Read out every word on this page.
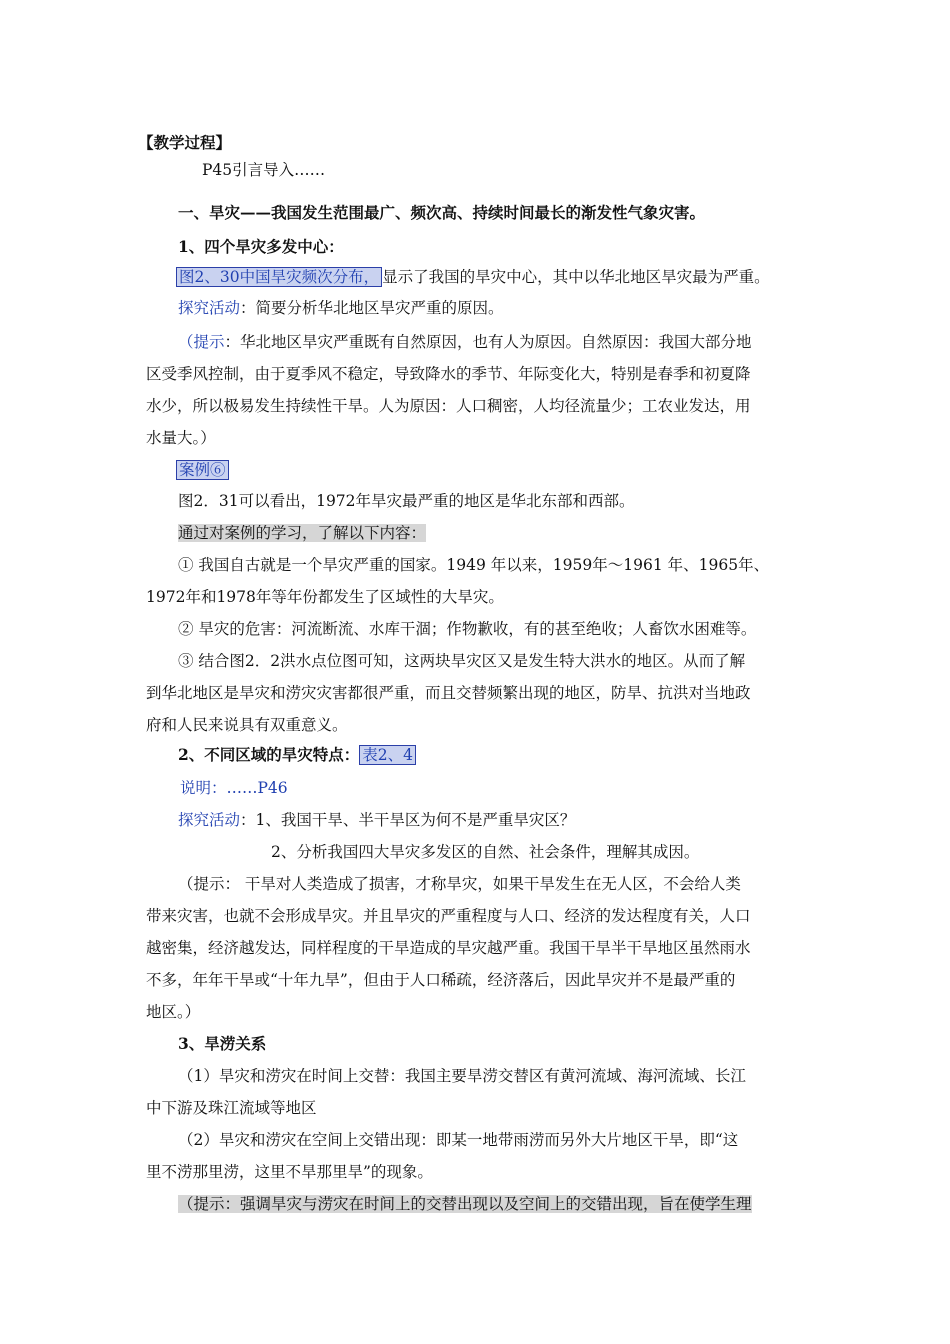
【教学过程】
P45引言导入……
一、旱灾——我国发生范围最广、频次高、持续时间最长的渐发性气象灾害。
1、四个旱灾多发中心：
图2、30中国旱灾频次分布， 显示了我国的旱灾中心，其中以华北地区旱灾最为严重。
探究活动：简要分析华北地区旱灾严重的原因。
（提示：华北地区旱灾严重既有自然原因，也有人为原因。自然原因：我国大部分地
区受季风控制，由于夏季风不稳定，导致降水的季节、年际变化大，特别是春季和初夏降
水少，所以极易发生持续性干旱。人为原因：人口稠密，人均径流量少；工农业发达，用
水量大。）
案例⑥
图2．31可以看出，1972年旱灾最严重的地区是华北东部和西部。
通过对案例的学习，了解以下内容：
① 我国自古就是一个旱灾严重的国家。1949 年以来，1959年～1961 年、1965年、
1972年和1978年等年份都发生了区域性的大旱灾。
② 旱灾的危害：河流断流、水库干涸；作物歉收，有的甚至绝收；人畜饮水困难等。
③ 结合图2．2洪水点位图可知，这两块旱灾区又是发生特大洪水的地区。从而了解
到华北地区是旱灾和涝灾灾害都很严重，而且交替频繁出现的地区，防旱、抗洪对当地政
府和人民来说具有双重意义。
2、不同区域的旱灾特点： 表2、4
说明：……P46
探究活动：1、我国干旱、半干旱区为何不是严重旱灾区？
2、分析我国四大旱灾多发区的自然、社会条件，理解其成因。
（提示： 干旱对人类造成了损害，才称旱灾，如果干旱发生在无人区，不会给人类
带来灾害，也就不会形成旱灾。并且旱灾的严重程度与人口、经济的发达程度有关，人口
越密集，经济越发达，同样程度的干旱造成的旱灾越严重。我国干旱半干旱地区虽然雨水
不多，年年干旱或“十年九旱”，但由于人口稀疏，经济落后，因此旱灾并不是最严重的
地区。）
3、旱涝关系
（1）旱灾和涝灾在时间上交替：我国主要旱涝交替区有黄河流域、海河流域、长江
中下游及珠江流域等地区
（2）旱灾和涝灾在空间上交错出现：即某一地带雨涝而另外大片地区干旱，即“这
里不涝那里涝，这里不旱那里旱”的现象。
（提示：强调旱灾与涝灾在时间上的交替出现以及空间上的交错出现，旨在使学生理
